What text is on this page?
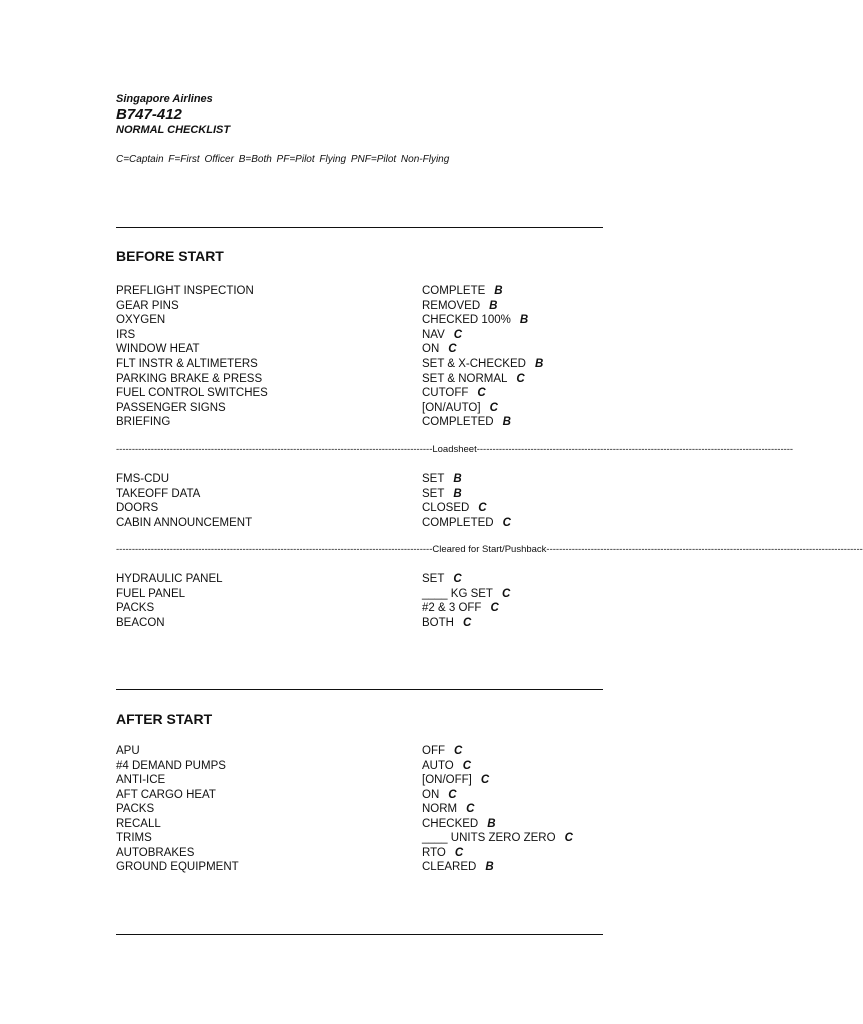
Singapore Airlines
B747-412
NORMAL CHECKLIST
C=Captain F=First Officer B=Both PF=Pilot Flying PNF=Pilot Non-Flying
BEFORE START
PREFLIGHT INSPECTION	COMPLETE B
GEAR PINS	REMOVED B
OXYGEN	CHECKED 100% B
IRS	NAV C
WINDOW HEAT	ON C
FLT INSTR & ALTIMETERS	SET & X-CHECKED B
PARKING BRAKE & PRESS	SET & NORMAL C
FUEL CONTROL SWITCHES	CUTOFF C
PASSENGER SIGNS	[ON/AUTO] C
BRIEFING	COMPLETED B
---------------------------------------------------------------------------------------------------- Loadsheet ----------------------------------------------------------------------------------------------------
FMS-CDU	SET B
TAKEOFF DATA	SET B
DOORS	CLOSED C
CABIN ANNOUNCEMENT	COMPLETED C
---------------------------------------------------------------------------------------------------- Cleared for Start/Pushback ----------------------------------------------------------------------------------------------------
HYDRAULIC PANEL	SET C
FUEL PANEL	____ KG SET C
PACKS	#2 & 3 OFF C
BEACON	BOTH C
AFTER START
APU	OFF C
#4 DEMAND PUMPS	AUTO C
ANTI-ICE	[ON/OFF] C
AFT CARGO HEAT	ON C
PACKS	NORM C
RECALL	CHECKED B
TRIMS	____ UNITS ZERO ZERO C
AUTOBRAKES	RTO C
GROUND EQUIPMENT	CLEARED B
